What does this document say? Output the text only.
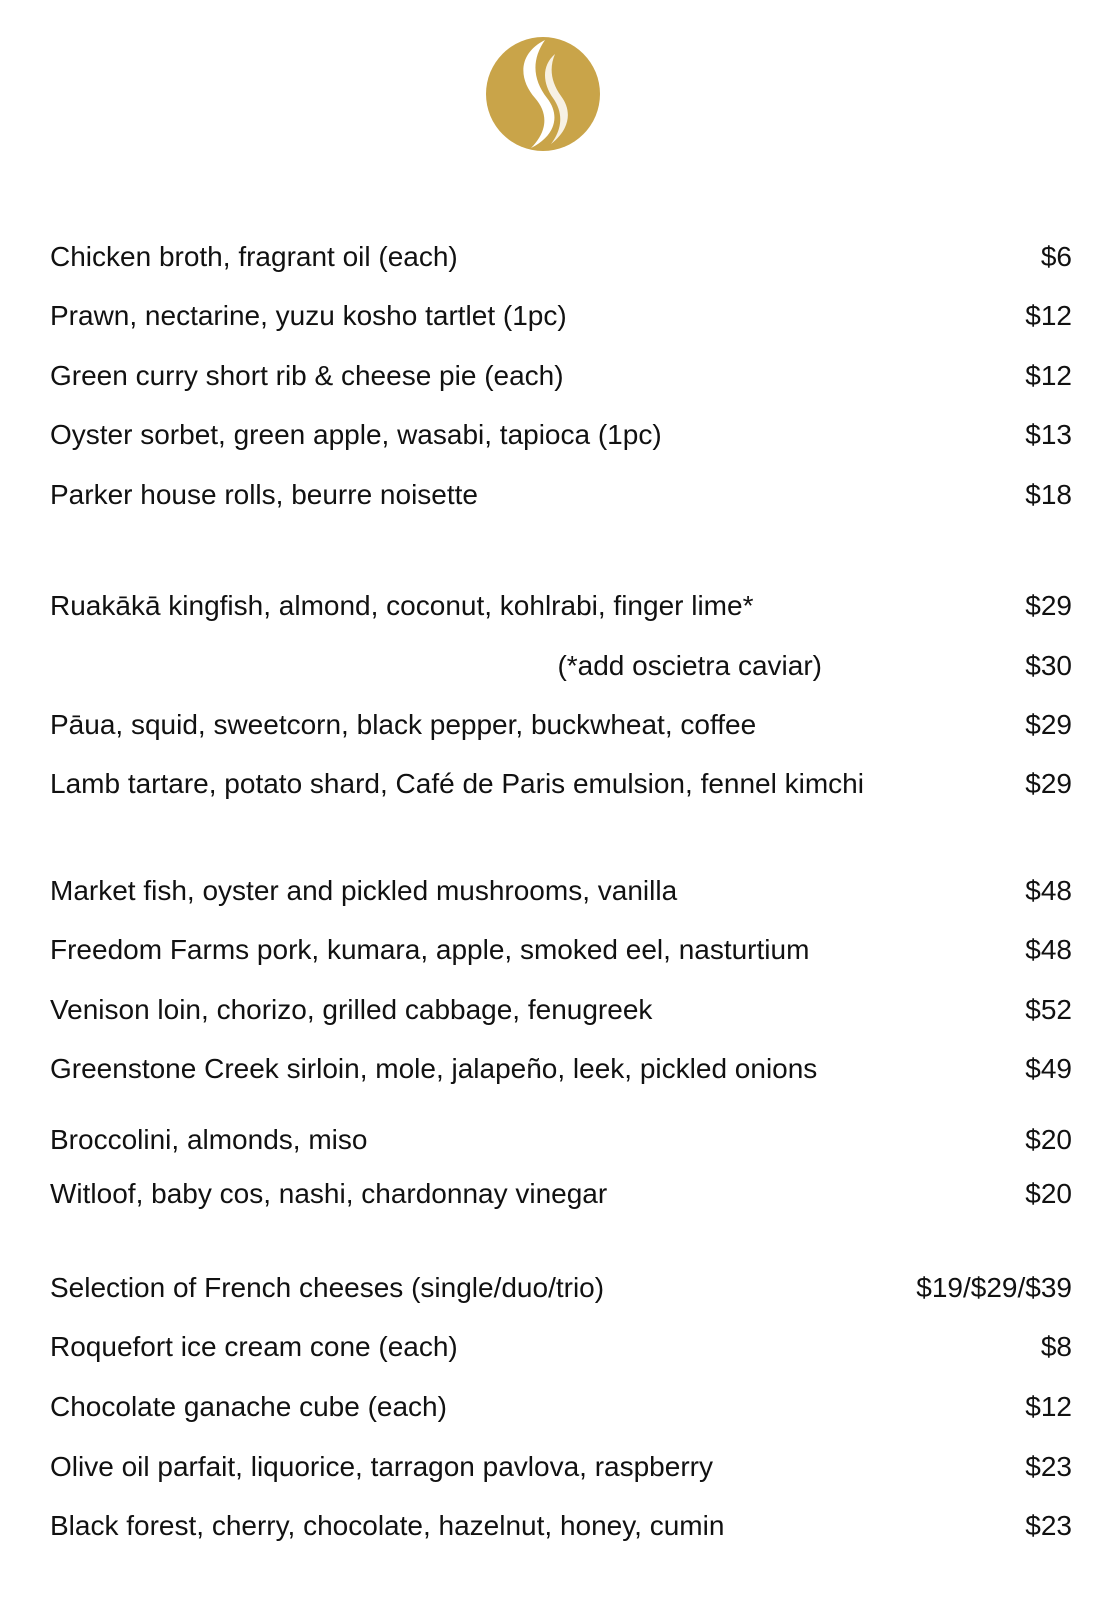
Chicken broth, fragrant oil (each)	$6
Prawn, nectarine, yuzu kosho tartlet (1pc)	$12
Green curry short rib & cheese pie (each)	$12
Oyster sorbet, green apple, wasabi, tapioca (1pc)	$13
Parker house rolls, beurre noisette	$18
Ruakākā kingfish, almond, coconut, kohlrabi, finger lime*	$29
(*add oscietra caviar)	$30
Pāua, squid, sweetcorn, black pepper, buckwheat, coffee	$29
Lamb tartare, potato shard, Café de Paris emulsion, fennel kimchi	$29
Market fish, oyster and pickled mushrooms, vanilla	$48
Freedom Farms pork, kumara, apple, smoked eel, nasturtium	$48
Venison loin, chorizo, grilled cabbage, fenugreek	$52
Greenstone Creek sirloin, mole, jalapeño, leek, pickled onions	$49
Broccolini, almonds, miso	$20
Witloof, baby cos, nashi, chardonnay vinegar	$20
Selection of French cheeses (single/duo/trio)	$19/$29/$39
Roquefort ice cream cone (each)	$8
Chocolate ganache cube (each)	$12
Olive oil parfait, liquorice, tarragon pavlova, raspberry	$23
Black forest, cherry, chocolate, hazelnut, honey, cumin	$23
